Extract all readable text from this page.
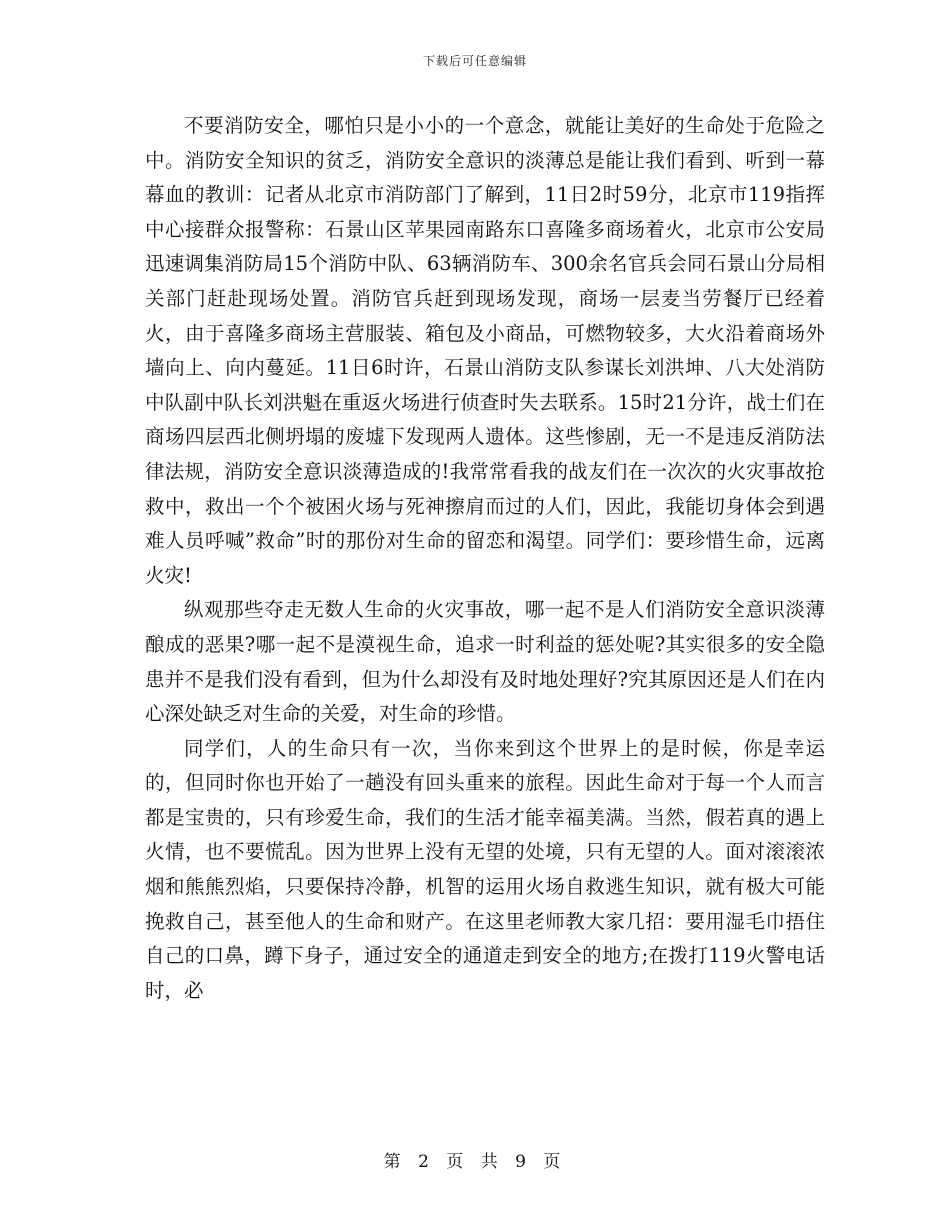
下载后可任意编辑

不要消防安全，哪怕只是小小的一个意念，就能让美好的生命处于危险之中。消防安全知识的贫乏，消防安全意识的淡薄总是能让我们看到、听到一幕幕血的教训：记者从北京市消防部门了解到，11日2时59分，北京市119指挥中心接群众报警称：石景山区苹果园南路东口喜隆多商场着火，北京市公安局迅速调集消防局15个消防中队、63辆消防车、300余名官兵会同石景山分局相关部门赶赴现场处置。消防官兵赶到现场发现，商场一层麦当劳餐厅已经着火，由于喜隆多商场主营服装、箱包及小商品，可燃物较多，大火沿着商场外墙向上、向内蔓延。11日6时许，石景山消防支队参谋长刘洪坤、八大处消防中队副中队长刘洪魁在重返火场进行侦查时失去联系。15时21分许，战士们在商场四层西北侧坍塌的废墟下发现两人遗体。这些惨剧，无一不是违反消防法律法规，消防安全意识淡薄造成的!我常常看我的战友们在一次次的火灾事故抢救中，救出一个个被困火场与死神擦肩而过的人们，因此，我能切身体会到遇难人员呼喊”救命”时的那份对生命的留恋和渴望。同学们：要珍惜生命，远离火灾!

纵观那些夺走无数人生命的火灾事故，哪一起不是人们消防安全意识淡薄酿成的恶果?哪一起不是漠视生命，追求一时利益的惩处呢?其实很多的安全隐患并不是我们没有看到，但为什么却没有及时地处理好?究其原因还是人们在内心深处缺乏对生命的关爱，对生命的珍惜。

同学们，人的生命只有一次，当你来到这个世界上的是时候，你是幸运的，但同时你也开始了一趟没有回头重来的旅程。因此生命对于每一个人而言都是宝贵的，只有珍爱生命，我们的生活才能幸福美满。当然，假若真的遇上火情，也不要慌乱。因为世界上没有无望的处境，只有无望的人。面对滚滚浓烟和熊熊烈焰，只要保持冷静，机智的运用火场自救逃生知识，就有极大可能挽救自己，甚至他人的生命和财产。在这里老师教大家几招：要用湿毛巾捂住自己的口鼻，蹲下身子，通过安全的通道走到安全的地方;在拨打119火警电话时，必

第 2 页 共 9 页
